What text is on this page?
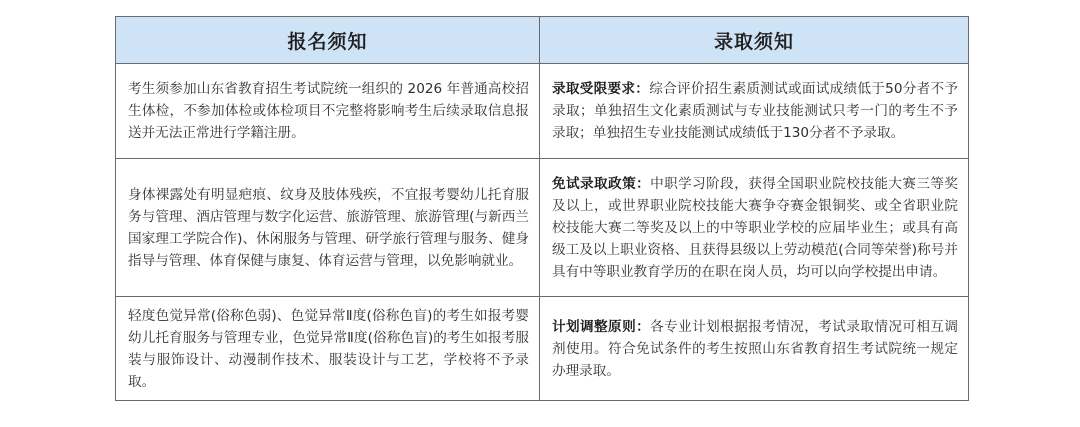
报名须知	录取须知
考生须参加山东省教育招生考试院统一组织的 2026 年普通高校招生体检，不参加体检或体检项目不完整将影响考生后续录取信息报送并无法正常进行学籍注册。	录取受限要求：综合评价招生素质测试或面试成绩低于50分者不予录取；单独招生文化素质测试与专业技能测试只考一门的考生不予录取；单独招生专业技能测试成绩低于130分者不予录取。
身体裸露处有明显疤痕、纹身及肢体残疾，不宜报考婴幼儿托育服务与管理、酒店管理与数字化运营、旅游管理、旅游管理(与新西兰国家理工学院合作)、休闲服务与管理、研学旅行管理与服务、健身指导与管理、体育保健与康复、体育运营与管理，以免影响就业。	免试录取政策：中职学习阶段，获得全国职业院校技能大赛三等奖及以上，或世界职业院校技能大赛争夺赛金银铜奖、或全省职业院校技能大赛二等奖及以上的中等职业学校的应届毕业生；或具有高级工及以上职业资格、且获得县级以上劳动模范(合同等荣誉)称号并具有中等职业教育学历的在职在岗人员，均可以向学校提出申请。
轻度色觉异常(俗称色弱)、色觉异常Ⅱ度(俗称色盲)的考生如报考婴幼儿托育服务与管理专业，色觉异常Ⅱ度(俗称色盲)的考生如报考服装与服饰设计、动漫制作技术、服装设计与工艺，学校将不予录取。	计划调整原则：各专业计划根据报考情况，考试录取情况可相互调剂使用。符合免试条件的考生按照山东省教育招生考试院统一规定办理录取。
